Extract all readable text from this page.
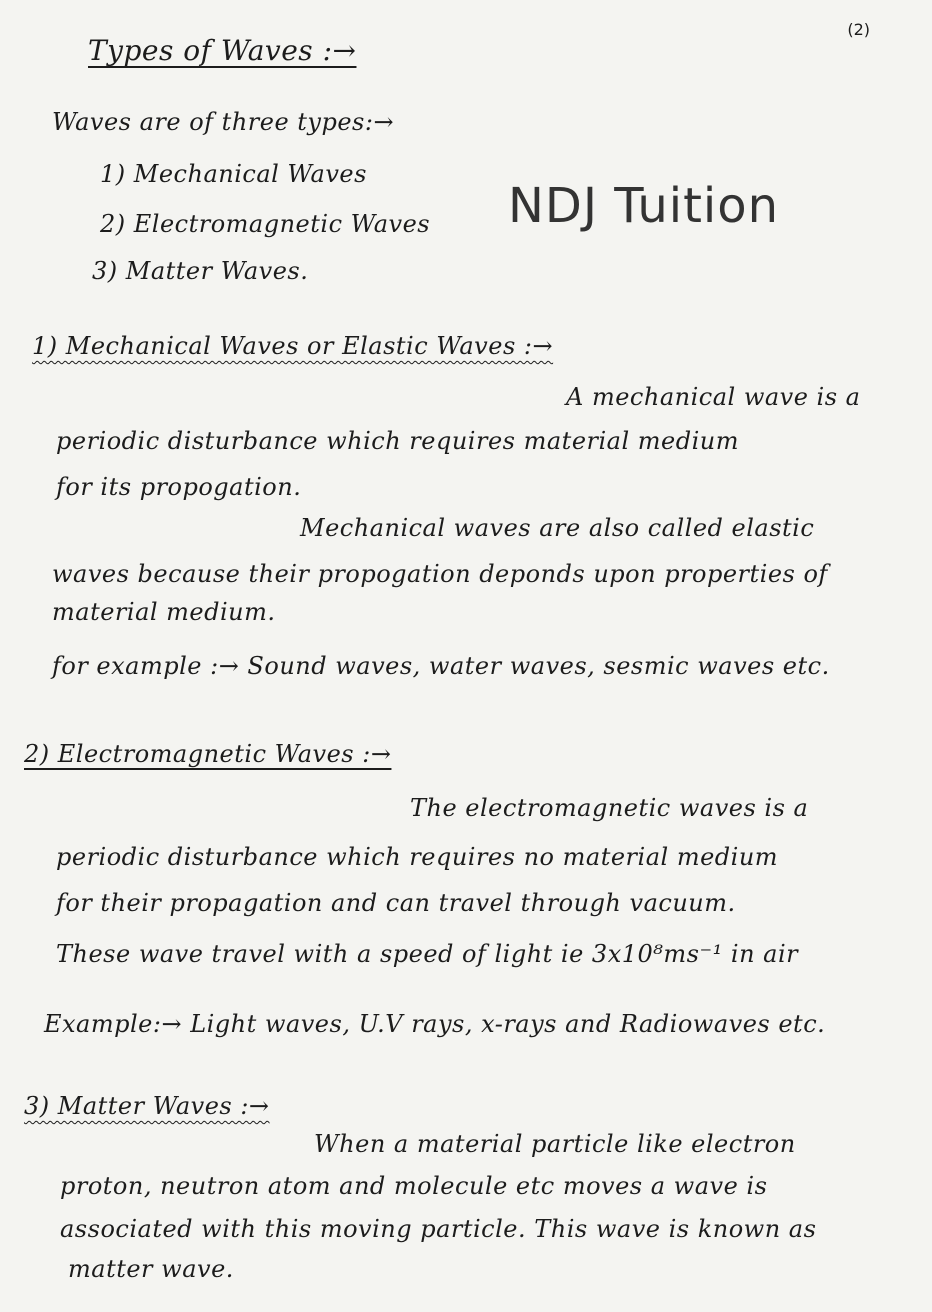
(2)
NDJ Tuition
Types of Waves :→
Waves are of three types:→
1) Mechanical Waves
2) Electromagnetic Waves
3) Matter Waves.
1) Mechanical Waves or Elastic Waves :→
A mechanical wave is a
periodic disturbance which requires material medium
for its propogation.
Mechanical waves are also called elastic
waves because their propogation deponds upon properties of
material medium.
for example :→ Sound waves, water waves, sesmic waves etc.
2) Electromagnetic Waves :→
The electromagnetic waves is a
periodic disturbance which requires no material medium
for their propagation and can travel through vacuum.
These wave travel with a speed of light ie 3x10⁸ms⁻¹ in air
Example:→ Light waves, U.V rays, x-rays and Radiowaves etc.
3) Matter Waves :→
When a material particle like electron
proton, neutron atom and molecule etc moves a wave is
associated with this moving particle. This wave is known as
matter wave.
